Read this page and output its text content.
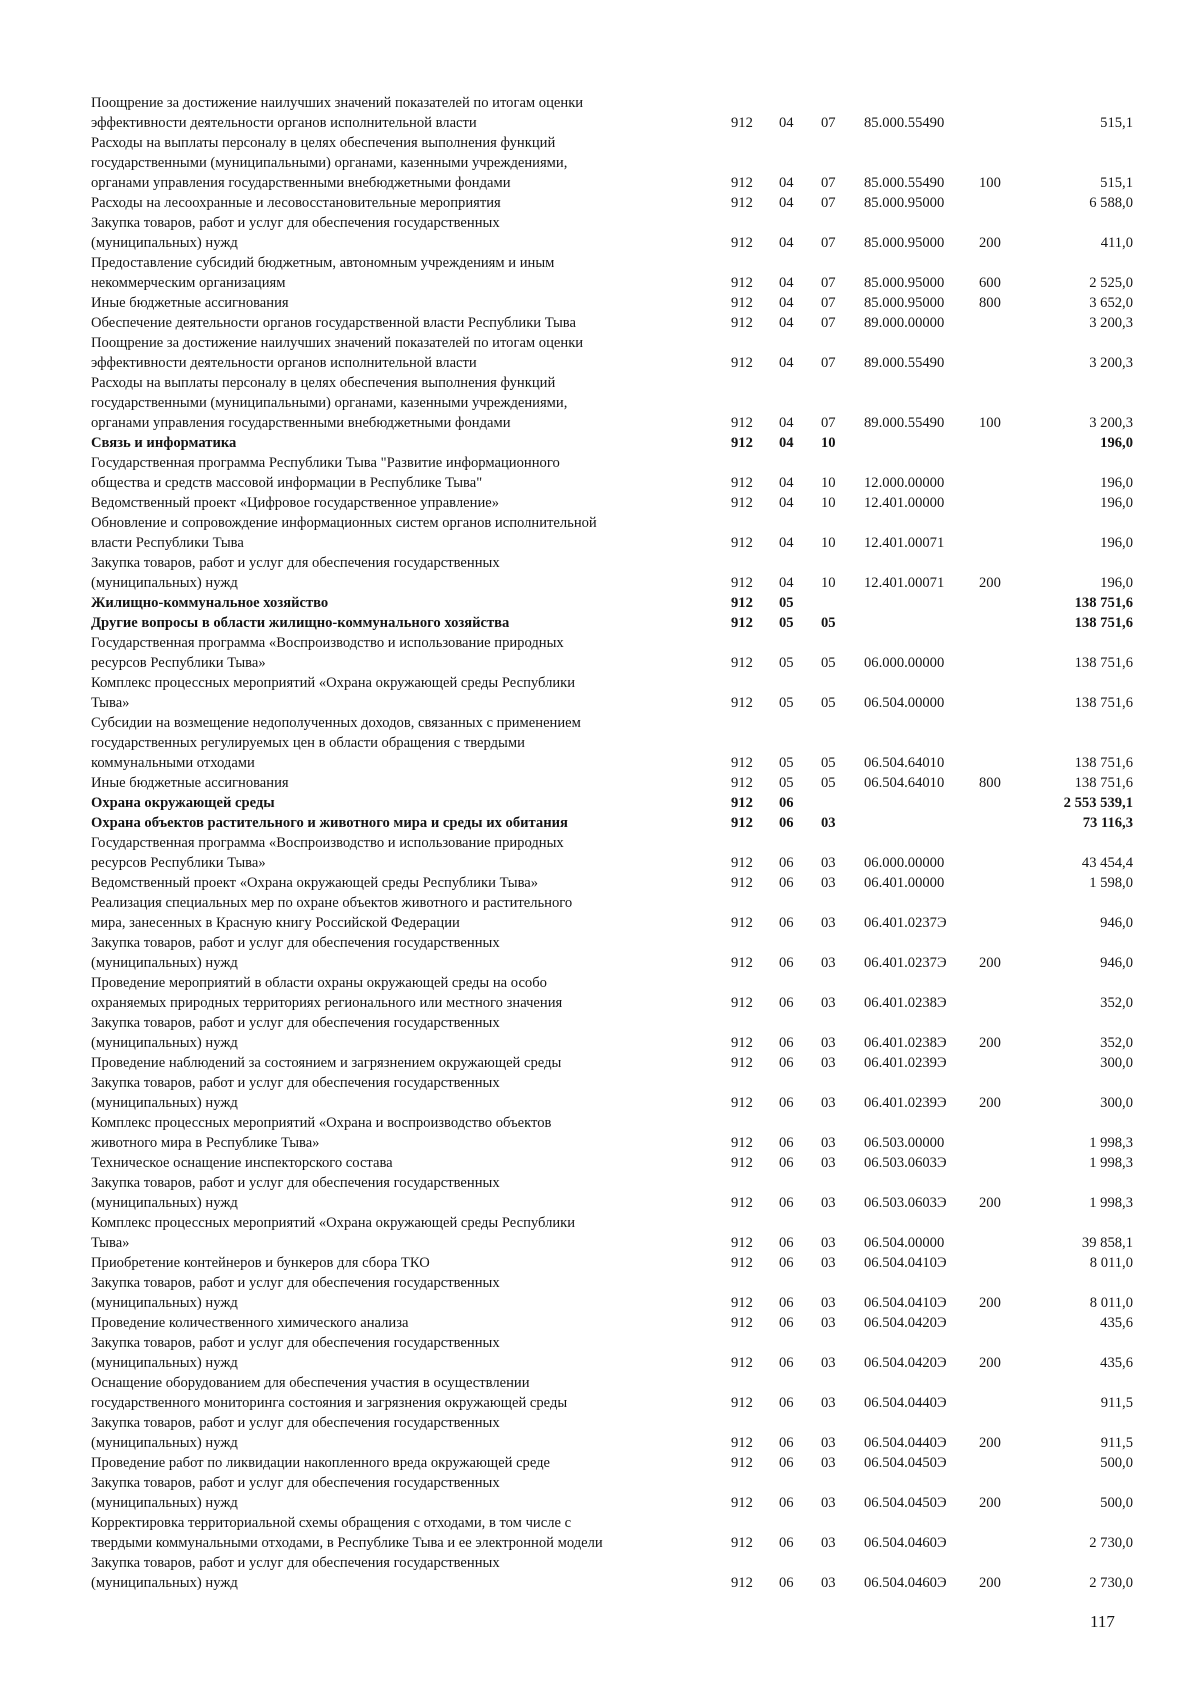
Поощрение за достижение наилучших значений показателей по итогам оценки
эффективности деятельности органов исполнительной власти	912	04	07	85.000.55490		515,1
Расходы на выплаты персоналу в целях обеспечения выполнения функций
государственными (муниципальными) органами, казенными учреждениями,
органами управления государственными внебюджетными фондами	912	04	07	85.000.55490	100	515,1
Расходы на лесоохранные и лесовосстановительные мероприятия	912	04	07	85.000.95000		6 588,0
Закупка товаров, работ и услуг для обеспечения государственных
(муниципальных) нужд	912	04	07	85.000.95000	200	411,0
Предоставление субсидий бюджетным, автономным учреждениям и иным
некоммерческим организациям	912	04	07	85.000.95000	600	2 525,0
Иные бюджетные ассигнования	912	04	07	85.000.95000	800	3 652,0
Обеспечение деятельности органов государственной власти Республики Тыва	912	04	07	89.000.00000		3 200,3
Поощрение за достижение наилучших значений показателей по итогам оценки
эффективности деятельности органов исполнительной власти	912	04	07	89.000.55490		3 200,3
Расходы на выплаты персоналу в целях обеспечения выполнения функций
государственными (муниципальными) органами, казенными учреждениями,
органами управления государственными внебюджетными фондами	912	04	07	89.000.55490	100	3 200,3
Связь и информатика	912	04	10			196,0
Государственная программа Республики Тыва "Развитие информационного
общества и средств массовой информации в Республике Тыва"	912	04	10	12.000.00000		196,0
Ведомственный проект «Цифровое государственное управление»	912	04	10	12.401.00000		196,0
Обновление и сопровождение информационных систем органов исполнительной
власти Республики Тыва	912	04	10	12.401.00071		196,0
Закупка товаров, работ и услуг для обеспечения государственных
(муниципальных) нужд	912	04	10	12.401.00071	200	196,0
Жилищно-коммунальное хозяйство	912	05				138 751,6
Другие вопросы в области жилищно-коммунального хозяйства	912	05	05			138 751,6
Государственная программа «Воспроизводство и использование природных
ресурсов Республики Тыва»	912	05	05	06.000.00000		138 751,6
Комплекс процессных мероприятий «Охрана окружающей среды Республики
Тыва»	912	05	05	06.504.00000		138 751,6
Субсидии на возмещение недополученных доходов, связанных с применением
государственных регулируемых цен в области обращения с твердыми
коммунальными отходами	912	05	05	06.504.64010		138 751,6
Иные бюджетные ассигнования	912	05	05	06.504.64010	800	138 751,6
Охрана окружающей среды	912	06				2 553 539,1
Охрана объектов растительного и животного мира и среды их обитания	912	06	03			73 116,3
Государственная программа «Воспроизводство и использование природных
ресурсов Республики Тыва»	912	06	03	06.000.00000		43 454,4
Ведомственный проект «Охрана окружающей среды Республики Тыва»	912	06	03	06.401.00000		1 598,0
Реализация специальных мер по охране объектов животного и растительного
мира, занесенных в Красную книгу Российской Федерации	912	06	03	06.401.0237Э		946,0
Закупка товаров, работ и услуг для обеспечения государственных
(муниципальных) нужд	912	06	03	06.401.0237Э	200	946,0
Проведение мероприятий в области охраны окружающей среды на особо
охраняемых природных территориях регионального или местного значения	912	06	03	06.401.0238Э		352,0
Закупка товаров, работ и услуг для обеспечения государственных
(муниципальных) нужд	912	06	03	06.401.0238Э	200	352,0
Проведение наблюдений за состоянием и загрязнением окружающей среды	912	06	03	06.401.0239Э		300,0
Закупка товаров, работ и услуг для обеспечения государственных
(муниципальных) нужд	912	06	03	06.401.0239Э	200	300,0
Комплекс процессных мероприятий «Охрана и воспроизводство объектов
животного мира в Республике Тыва»	912	06	03	06.503.00000		1 998,3
Техническое оснащение инспекторского состава	912	06	03	06.503.0603Э		1 998,3
Закупка товаров, работ и услуг для обеспечения государственных
(муниципальных) нужд	912	06	03	06.503.0603Э	200	1 998,3
Комплекс процессных мероприятий «Охрана окружающей среды Республики
Тыва»	912	06	03	06.504.00000		39 858,1
Приобретение контейнеров и бункеров для сбора ТКО	912	06	03	06.504.0410Э		8 011,0
Закупка товаров, работ и услуг для обеспечения государственных
(муниципальных) нужд	912	06	03	06.504.0410Э	200	8 011,0
Проведение количественного химического анализа	912	06	03	06.504.0420Э		435,6
Закупка товаров, работ и услуг для обеспечения государственных
(муниципальных) нужд	912	06	03	06.504.0420Э	200	435,6
Оснащение оборудованием для обеспечения участия в осуществлении
государственного мониторинга состояния и загрязнения окружающей среды	912	06	03	06.504.0440Э		911,5
Закупка товаров, работ и услуг для обеспечения государственных
(муниципальных) нужд	912	06	03	06.504.0440Э	200	911,5
Проведение работ по ликвидации накопленного вреда окружающей среде	912	06	03	06.504.0450Э		500,0
Закупка товаров, работ и услуг для обеспечения государственных
(муниципальных) нужд	912	06	03	06.504.0450Э	200	500,0
Корректировка территориальной схемы обращения с отходами, в том числе с
твердыми коммунальными отходами, в Республике Тыва и ее электронной модели	912	06	03	06.504.0460Э		2 730,0
Закупка товаров, работ и услуг для обеспечения государственных
(муниципальных) нужд	912	06	03	06.504.0460Э	200	2 730,0
117
